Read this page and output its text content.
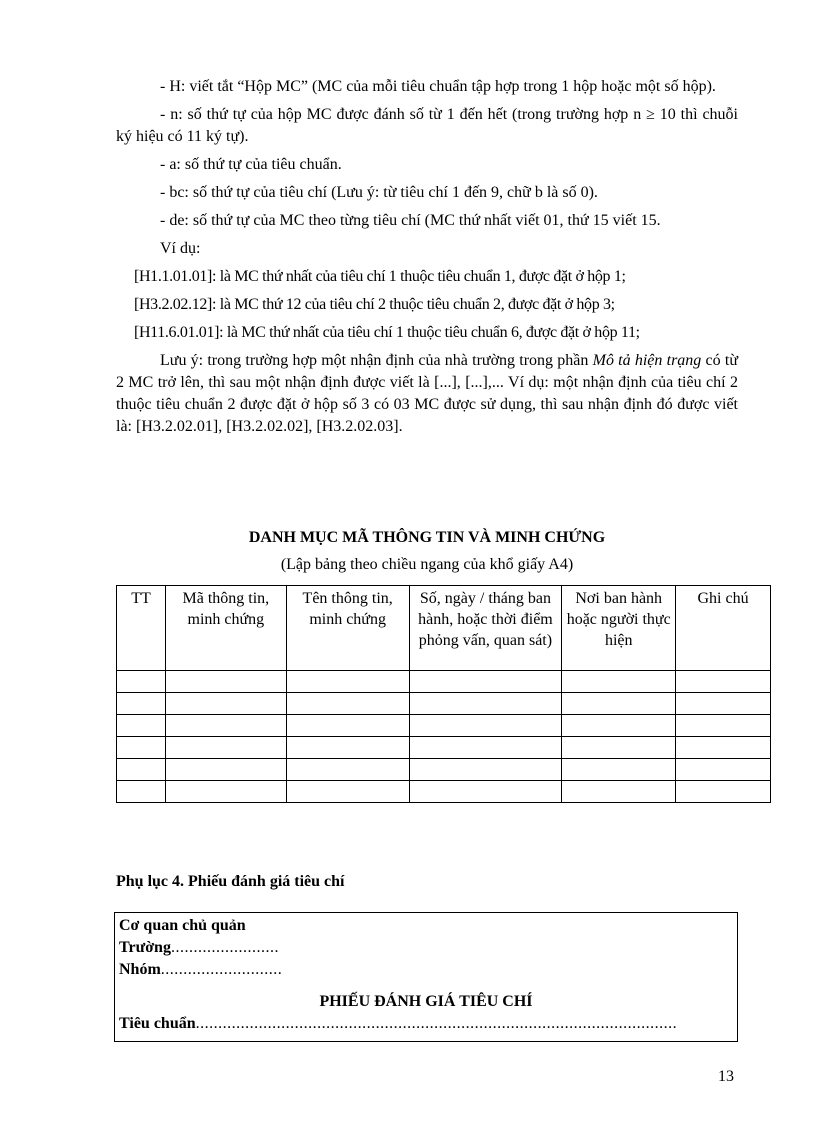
- H: viết tắt “Hộp MC” (MC của mỗi tiêu chuẩn tập hợp trong 1 hộp hoặc một số hộp).

- n: số thứ tự của hộp MC được đánh số từ 1 đến hết (trong trường hợp n ≥ 10 thì chuỗi ký hiệu có 11 ký tự).

- a: số thứ tự của tiêu chuẩn.

- bc: số thứ tự của tiêu chí (Lưu ý: từ tiêu chí 1 đến 9, chữ b là số 0).

- de: số thứ tự của MC theo từng tiêu chí (MC thứ nhất viết 01, thứ 15 viết 15.

Ví dụ:

[H1.1.01.01]: là MC thứ nhất của tiêu chí 1 thuộc tiêu chuẩn 1, được đặt ở hộp 1;

[H3.2.02.12]: là MC thứ 12 của tiêu chí 2 thuộc tiêu chuẩn 2, được đặt ở hộp 3;

[H11.6.01.01]: là MC thứ nhất của tiêu chí 1 thuộc tiêu chuẩn 6, được đặt ở hộp 11;

Lưu ý: trong trường hợp một nhận định của nhà trường trong phần Mô tả hiện trạng có từ 2 MC trở lên, thì sau một nhận định được viết là [...], [...],... Ví dụ: một nhận định của tiêu chí 2 thuộc tiêu chuẩn 2 được đặt ở hộp số 3 có 03 MC được sử dụng, thì sau nhận định đó được viết là: [H3.2.02.01], [H3.2.02.02], [H3.2.02.03].

DANH MỤC MÃ THÔNG TIN VÀ MINH CHỨNG
(Lập bảng theo chiều ngang của khổ giấy A4)
TT	Mã thông tin, minh chứng	Tên thông tin, minh chứng	Số, ngày / tháng ban hành, hoặc thời điểm phỏng vấn, quan sát)	Nơi ban hành hoặc người thực hiện	Ghi chú

Phụ lục 4. Phiếu đánh giá tiêu chí
Cơ quan chủ quản
Trường........................
Nhóm...........................
PHIẾU ĐÁNH GIÁ TIÊU CHÍ
Tiêu chuẩn...........................................................................................................
13
